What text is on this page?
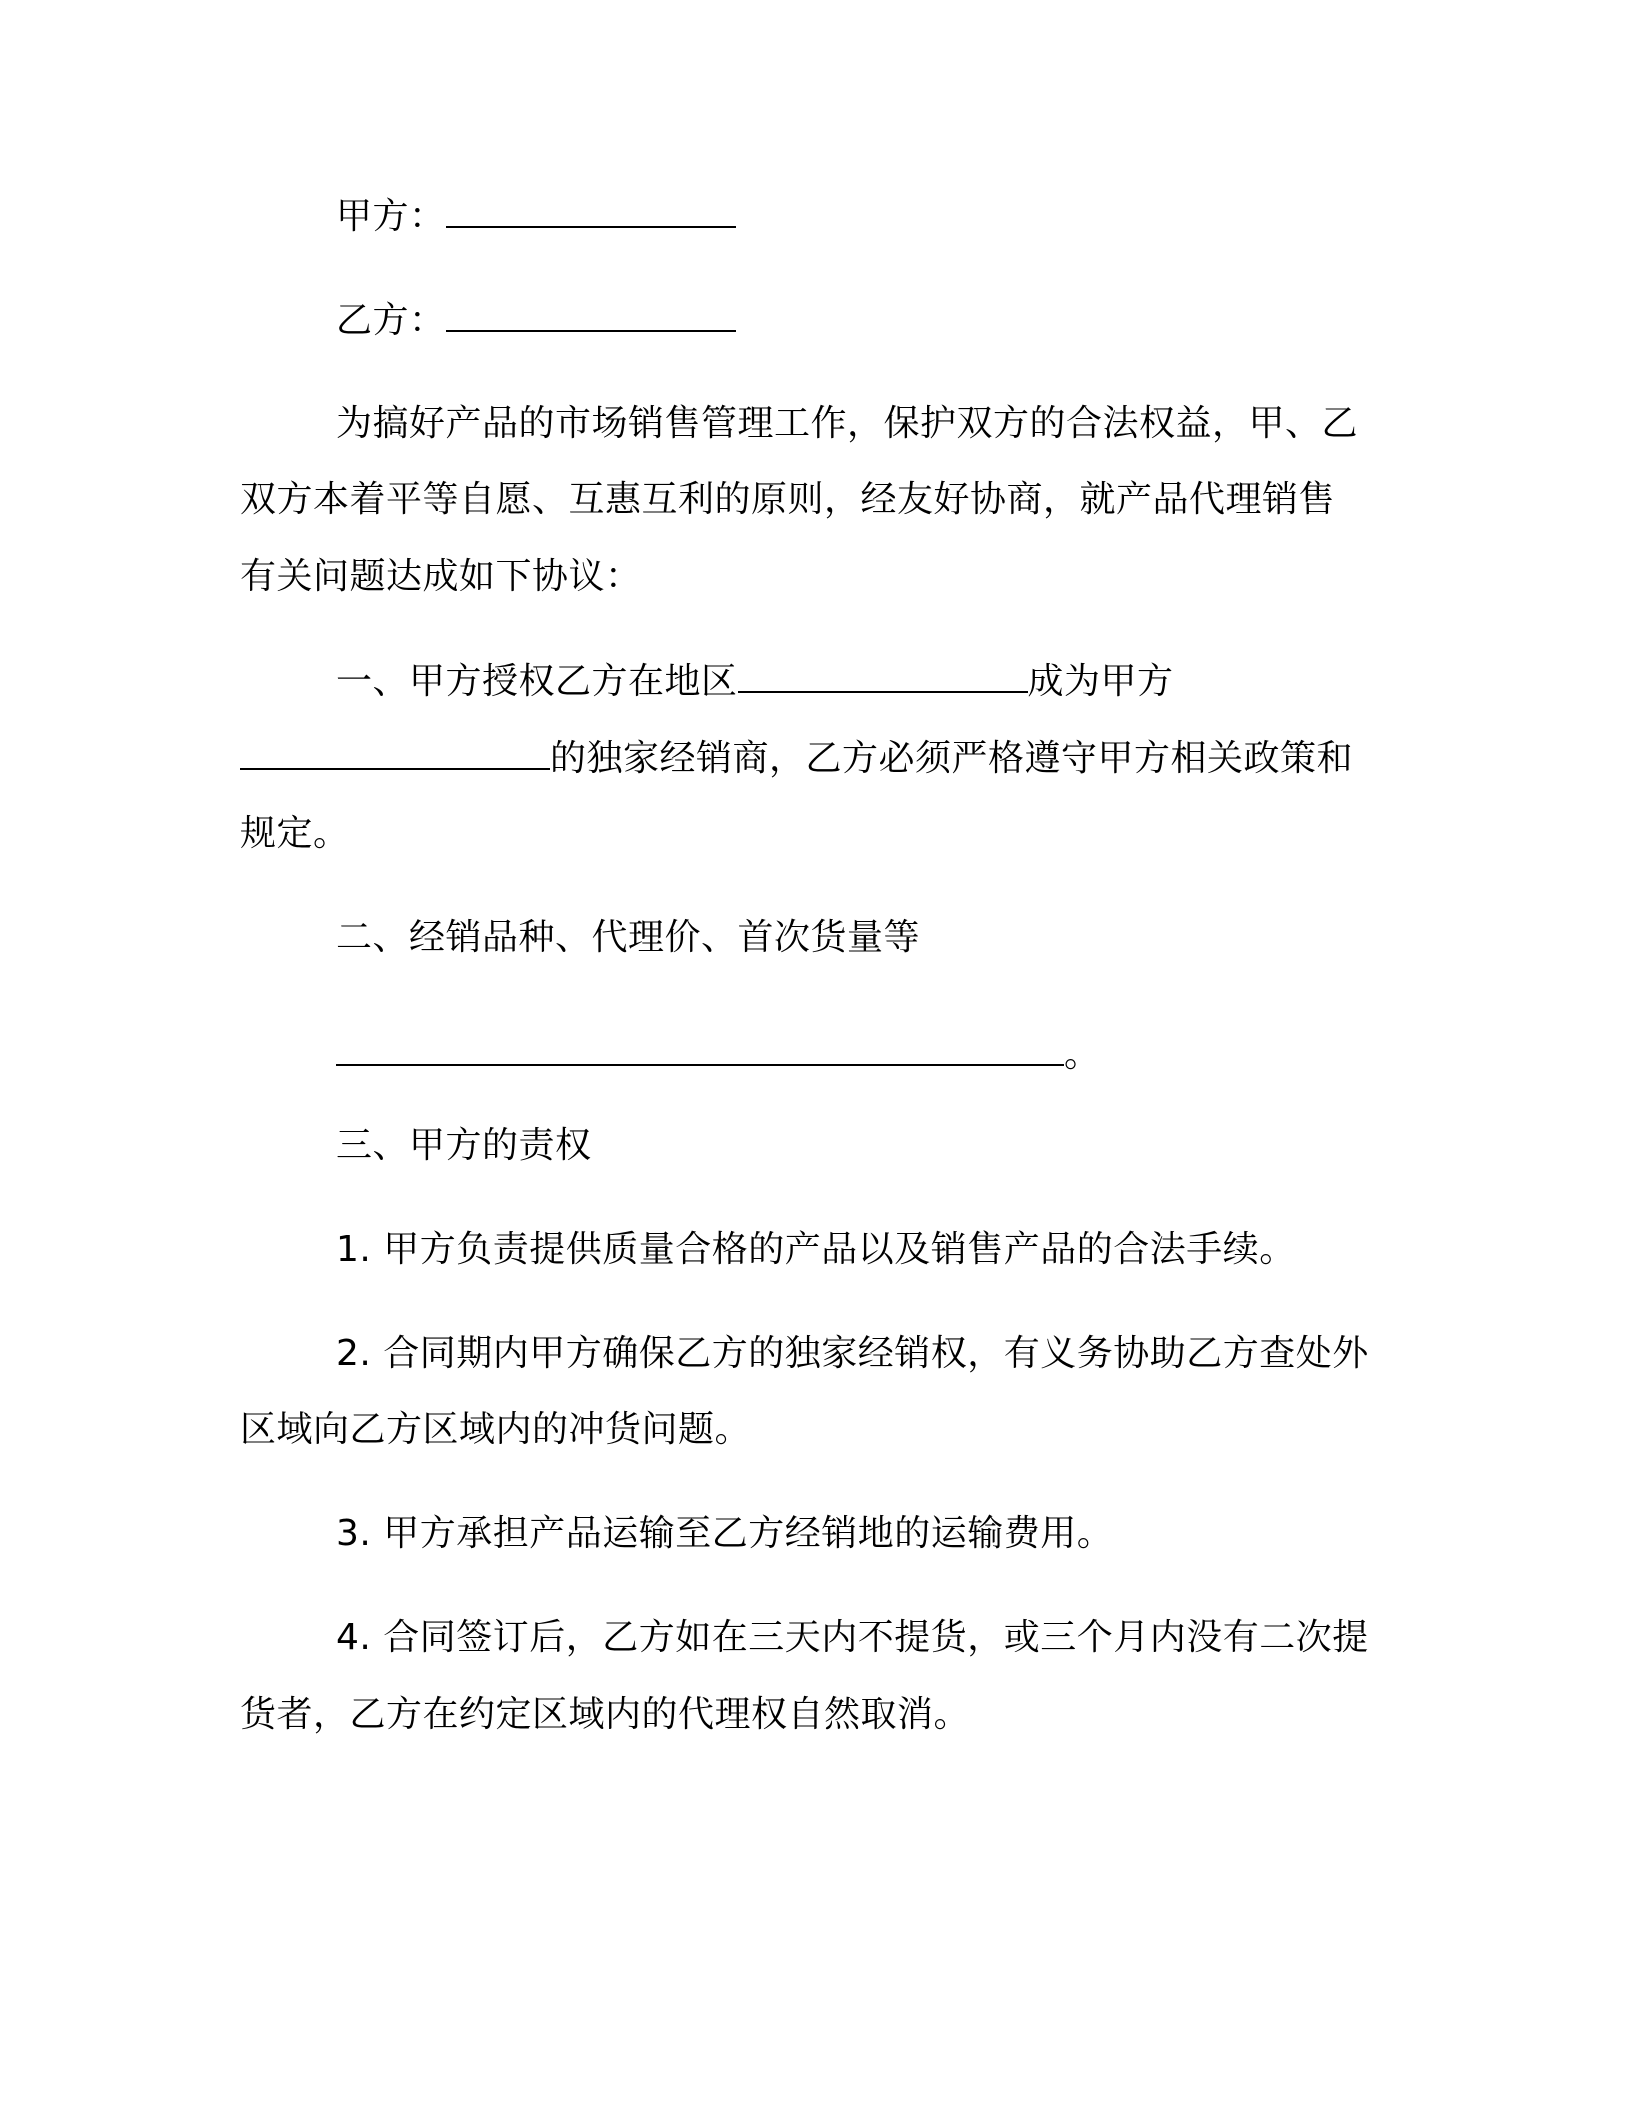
甲方：
乙方：
为搞好产品的市场销售管理工作，保护双方的合法权益，甲、乙
双方本着平等自愿、互惠互利的原则，经友好协商，就产品代理销售
有关问题达成如下协议：
一、甲方授权乙方在地区	成为甲方
的独家经销商，乙方必须严格遵守甲方相关政策和
规定。
二、经销品种、代理价、首次货量等
。
三、甲方的责权
1. 甲方负责提供质量合格的产品以及销售产品的合法手续。
2. 合同期内甲方确保乙方的独家经销权，有义务协助乙方查处外
区域向乙方区域内的冲货问题。
3. 甲方承担产品运输至乙方经销地的运输费用。
4. 合同签订后，乙方如在三天内不提货，或三个月内没有二次提
货者，乙方在约定区域内的代理权自然取消。
